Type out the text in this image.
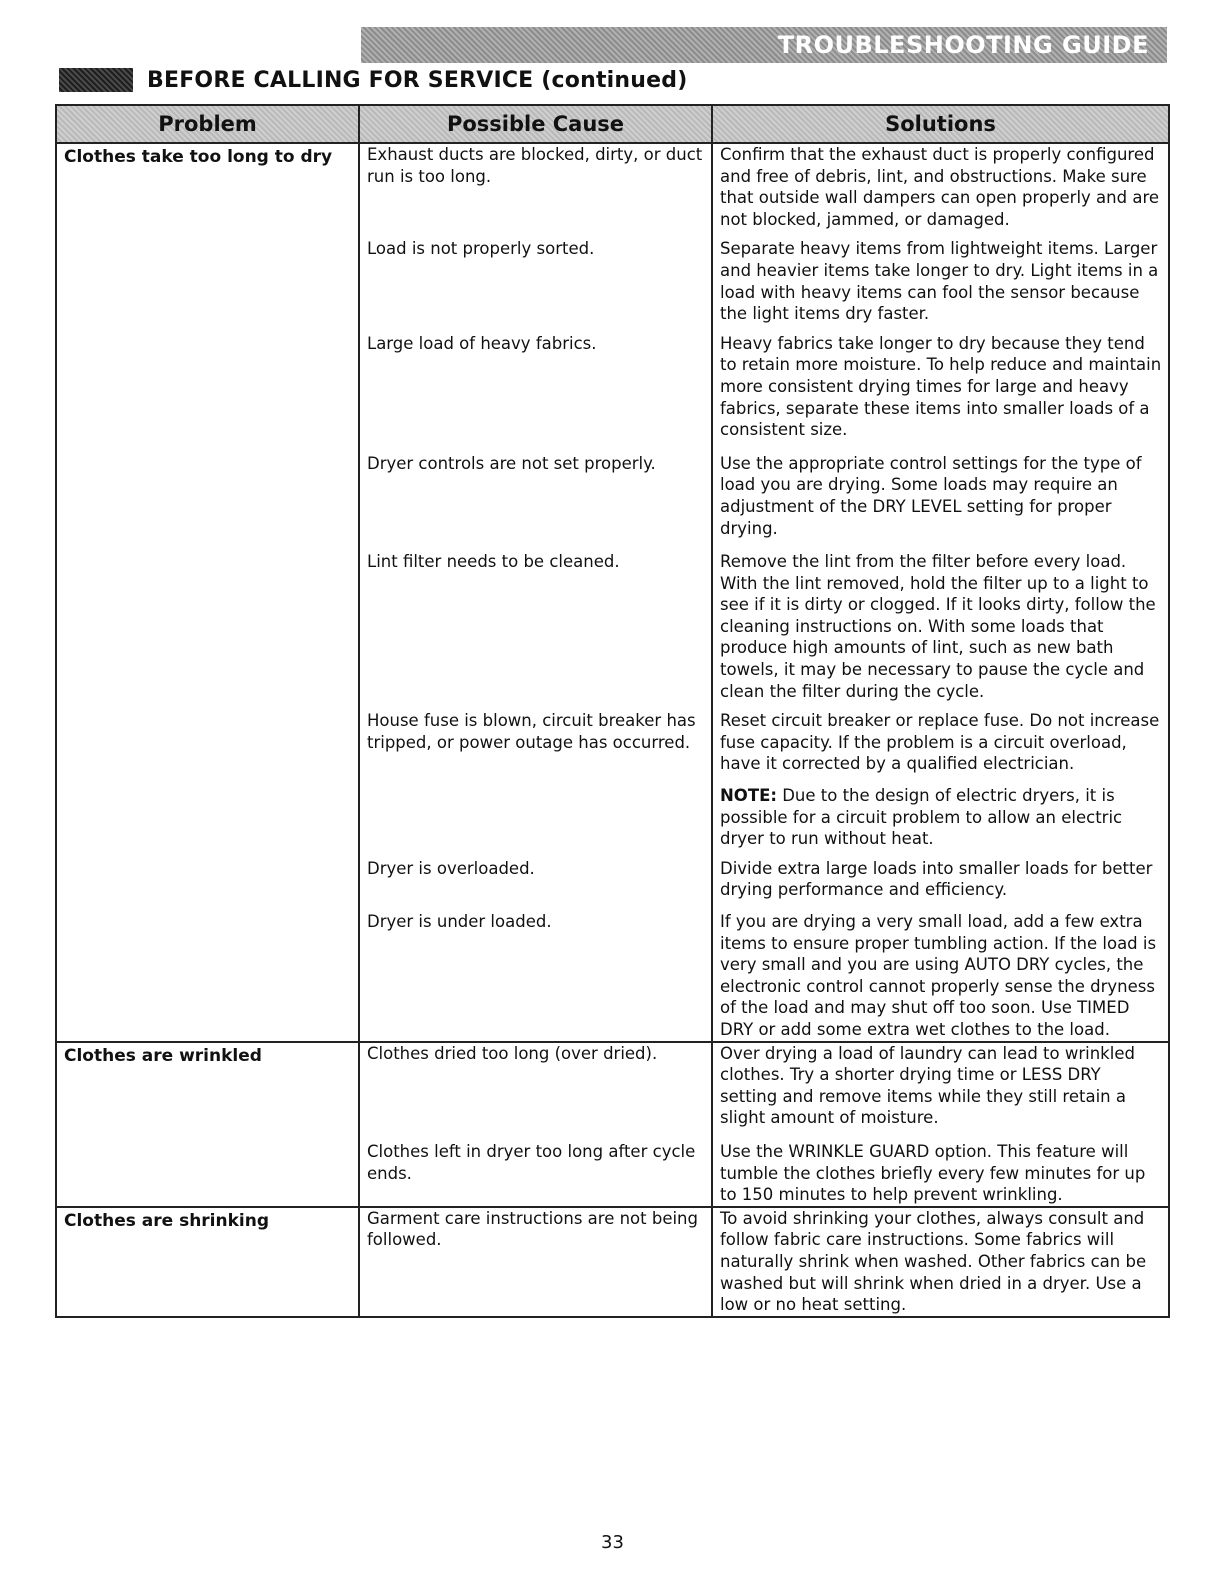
TROUBLESHOOTING GUIDE
BEFORE CALLING FOR SERVICE (continued)
Problem	Possible Cause	Solutions

Clothes take too long to dry	Exhaust ducts are blocked, dirty, or duct run is too long.	Confirm that the exhaust duct is properly configured and free of debris, lint, and obstructions. Make sure that outside wall dampers can open properly and are not blocked, jammed, or damaged.

	Load is not properly sorted.	Separate heavy items from lightweight items. Larger and heavier items take longer to dry. Light items in a load with heavy items can fool the sensor because the light items dry faster.

	Large load of heavy fabrics.	Heavy fabrics take longer to dry because they tend to retain more moisture. To help reduce and maintain more consistent drying times for large and heavy fabrics, separate these items into smaller loads of a consistent size.

	Dryer controls are not set properly.	Use the appropriate control settings for the type of load you are drying. Some loads may require an adjustment of the DRY LEVEL setting for proper drying.

	Lint filter needs to be cleaned.	Remove the lint from the filter before every load. With the lint removed, hold the filter up to a light to see if it is dirty or clogged. If it looks dirty, follow the cleaning instructions on. With some loads that produce high amounts of lint, such as new bath towels, it may be necessary to pause the cycle and clean the filter during the cycle.

	House fuse is blown, circuit breaker has tripped, or power outage has occurred.	Reset circuit breaker or replace fuse. Do not increase fuse capacity. If the problem is a circuit overload, have it corrected by a qualified electrician.
NOTE: Due to the design of electric dryers, it is possible for a circuit problem to allow an electric dryer to run without heat.

	Dryer is overloaded.	Divide extra large loads into smaller loads for better drying performance and efficiency.

	Dryer is under loaded.	If you are drying a very small load, add a few extra items to ensure proper tumbling action. If the load is very small and you are using AUTO DRY cycles, the electronic control cannot properly sense the dryness of the load and may shut off too soon. Use TIMED DRY or add some extra wet clothes to the load.

Clothes are wrinkled	Clothes dried too long (over dried).	Over drying a load of laundry can lead to wrinkled clothes. Try a shorter drying time or LESS DRY setting and remove items while they still retain a slight amount of moisture.

	Clothes left in dryer too long after cycle ends.	Use the WRINKLE GUARD option. This feature will tumble the clothes briefly every few minutes for up to 150 minutes to help prevent wrinkling.

Clothes are shrinking	Garment care instructions are not being followed.	To avoid shrinking your clothes, always consult and follow fabric care instructions. Some fabrics will naturally shrink when washed. Other fabrics can be washed but will shrink when dried in a dryer. Use a low or no heat setting.
33
